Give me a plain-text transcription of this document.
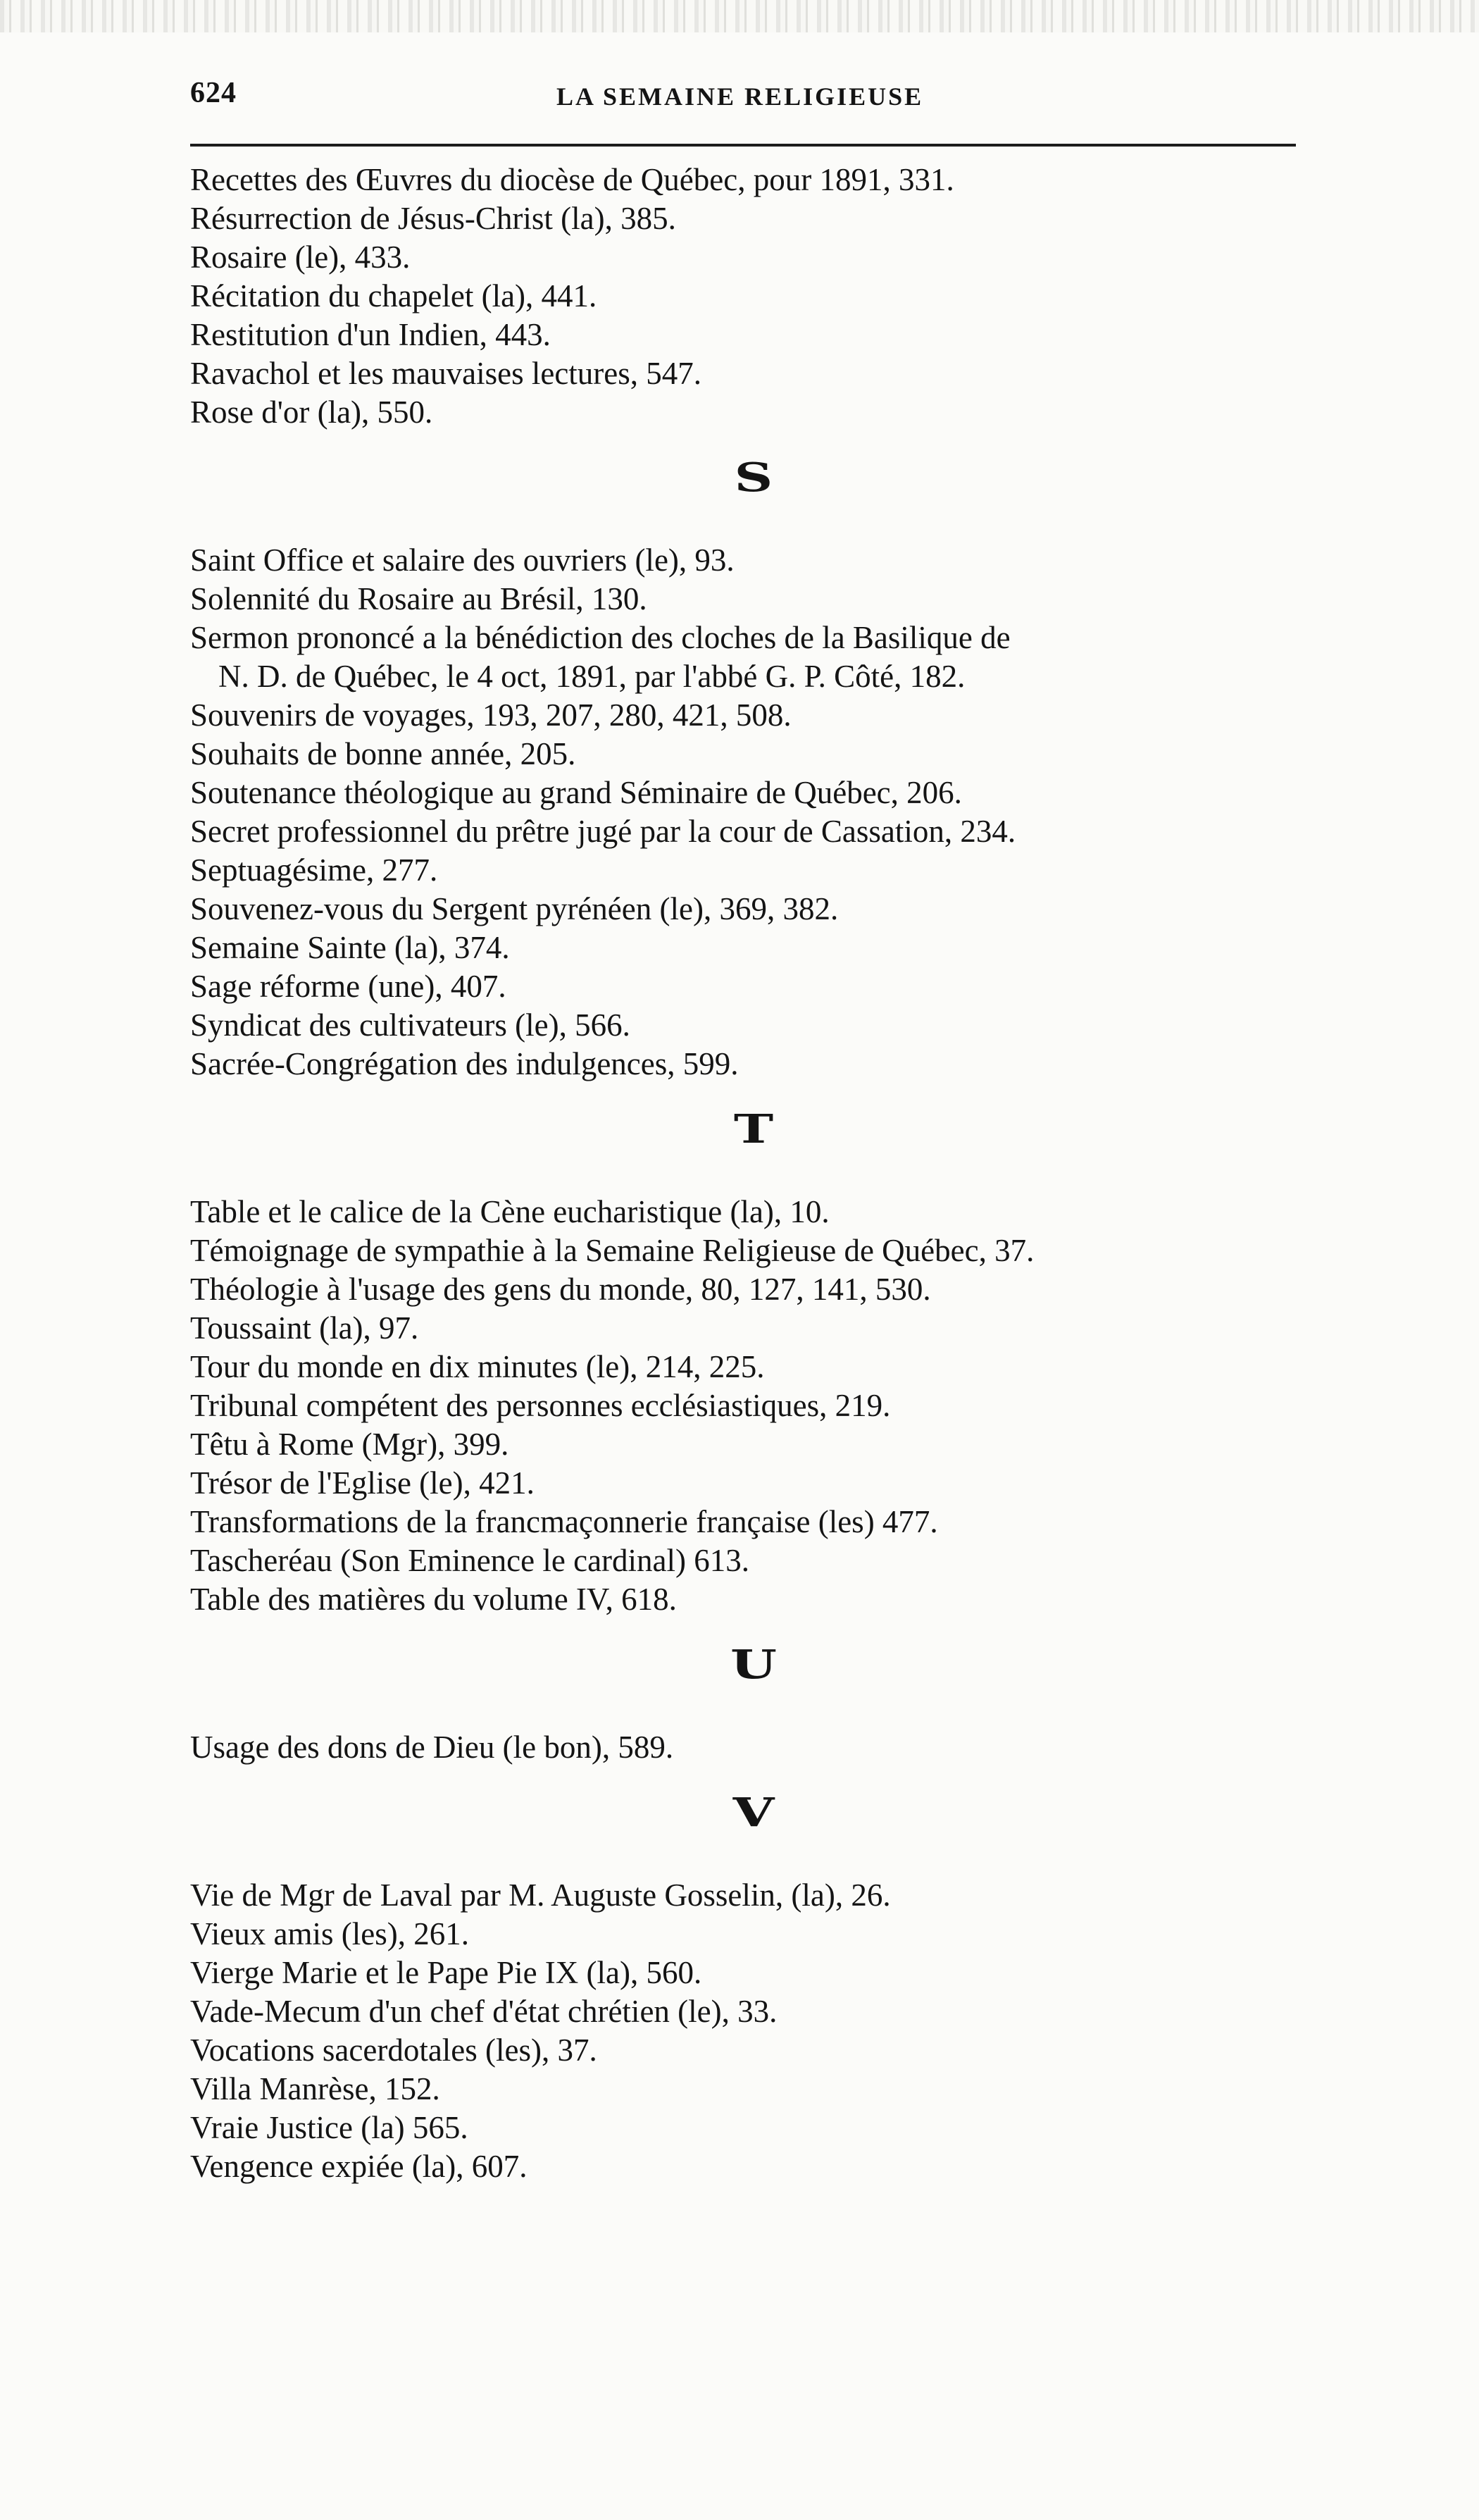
624	LA SEMAINE RELIGIEUSE

Recettes des Œuvres du diocèse de Québec, pour 1891, 331.

Résurrection de Jésus-Christ (la), 385.

Rosaire (le), 433.

Récitation du chapelet (la), 441.

Restitution d'un Indien, 443.

Ravachol et les mauvaises lectures, 547.

Rose d'or (la), 550.

S

Saint Office et salaire des ouvriers (le), 93.

Solennité du Rosaire au Brésil, 130.

Sermon prononcé a la bénédiction des cloches de la Basilique de

N. D. de Québec, le 4 oct, 1891, par l'abbé G. P. Côté, 182.

Souvenirs de voyages, 193, 207, 280, 421, 508.

Souhaits de bonne année, 205.

Soutenance théologique au grand Séminaire de Québec, 206.

Secret professionnel du prêtre jugé par la cour de Cassation, 234.

Septuagésime, 277.

Souvenez-vous du Sergent pyrénéen (le), 369, 382.

Semaine Sainte (la), 374.

Sage réforme (une), 407.

Syndicat des cultivateurs (le), 566.

Sacrée-Congrégation des indulgences, 599.

T

Table et le calice de la Cène eucharistique (la), 10.

Témoignage de sympathie à la Semaine Religieuse de Québec, 37.

Théologie à l'usage des gens du monde, 80, 127, 141, 530.

Toussaint (la), 97.

Tour du monde en dix minutes (le), 214, 225.

Tribunal compétent des personnes ecclésiastiques, 219.

Têtu à Rome (Mgr), 399.

Trésor de l'Eglise (le), 421.

Transformations de la francmaçonnerie française (les) 477.

Tascheréau (Son Eminence le cardinal) 613.

Table des matières du volume IV, 618.

U

Usage des dons de Dieu (le bon), 589.

V

Vie de Mgr de Laval par M. Auguste Gosselin, (la), 26.

Vieux amis (les), 261.

Vierge Marie et le Pape Pie IX (la), 560.

Vade-Mecum d'un chef d'état chrétien (le), 33.

Vocations sacerdotales (les), 37.

Villa Manrèse, 152.

Vraie Justice (la) 565.

Vengence expiée (la), 607.
